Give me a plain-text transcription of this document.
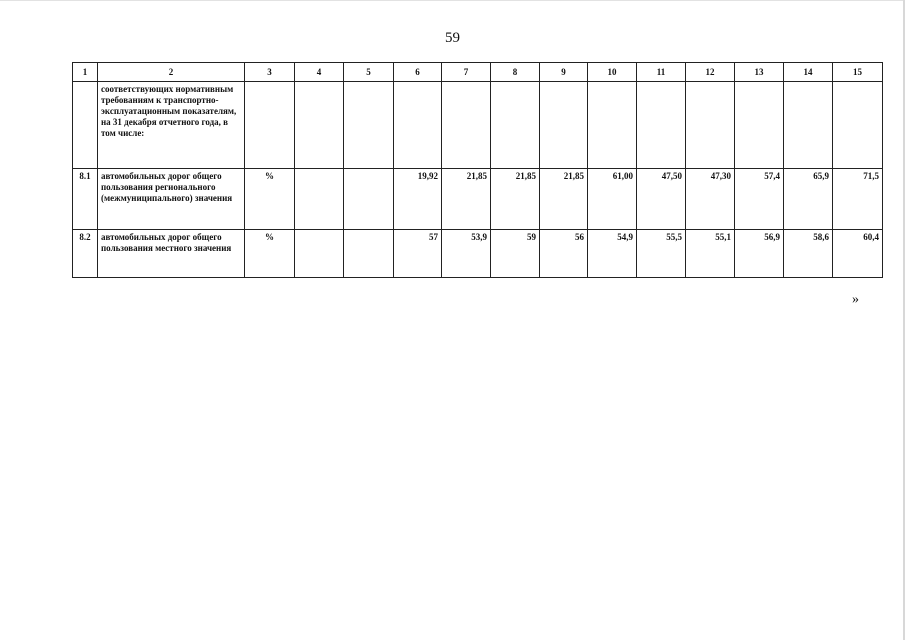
59
1	2	3	4	5	6	7	8	9	10	11	12	13	14	15
	соответствующих нормативным требованиям к транспортно-эксплуатационным показателям, на 31 декабря отчетного года, в том числе:													
8.1	автомобильных дорог общего пользования регионального (межмуниципального) значения	%			19,92	21,85	21,85	21,85	61,00	47,50	47,30	57,4	65,9	71,5
8.2	автомобильных дорог общего пользования местного значения	%			57	53,9	59	56	54,9	55,5	55,1	56,9	58,6	60,4
»
